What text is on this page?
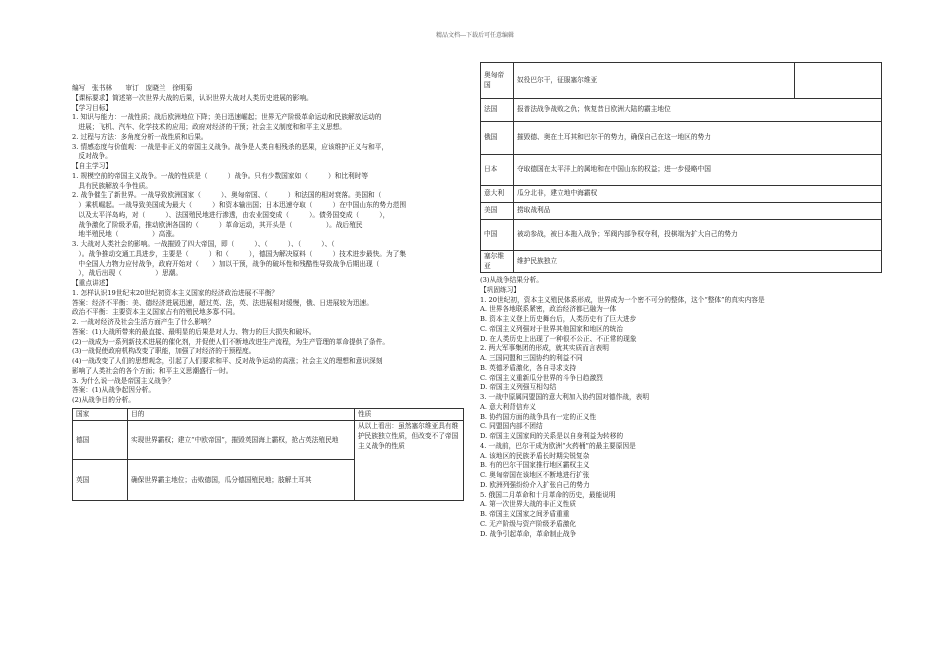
精品文档---下载后可任意编辑

编写　张书林　　审订　庞晓兰　徐明菊

【课标要求】简述第一次世界大战的后果，认识世界大战对人类历史进展的影响。

【学习目标】

1. 知识与能力：一战性质；战后欧洲地位下降；美日迅速崛起；世界无产阶级革命运动和民族解放运动的

进展；飞机、汽车、化学技术的应用；政府对经济的干预；社会主义制度和和平主义思想。

2. 过程与方法：多角度分析一战性质和后果。

3. 情感态度与价值观：一战是非正义的帝国主义战争。战争是人类自相残杀的恶果，应该维护正义与和平，

反对战争。

【自主学习】

1. 规模空前的帝国主义战争。一战的性质是（　　　）战争。只有少数国家如（　　　）和比利时等

具有民族解放斗争性质。

2. 战争催生了新世界。一战导致欧洲国家（　　　）、奥匈帝国、（　　　）和法国的相对衰落。美国和（

）乘机崛起。一战导致美国成为最大（　　　）和资本输出国；日本迅速夺取（　　　）在中国山东的势力范围

以及太平洋岛屿，对（　　　）、法国殖民地进行渗透，由农业国变成（　　　）。债务国变成（　　　），

战争激化了阶级矛盾，推动欧洲各国的（　　　）革命运动，其开头是（　　　　　）。战后殖民

地半殖民地（　　　　　）高涨。

3. 大战对人类社会的影响。一战摧毁了四大帝国，即（　　　）、（　　　）、（　　　）、（

）。战争推动交通工具进步，主要是（　　　）和（　　　），德国为解决原料（　　　）技术进步最快。为了集

中全国人力物力应付战争，政府开始对（　　）加以干预，战争的破坏性和残酷性导致战争后期出现（

），战后出现（　　　　　）思潮。

【重点讲述】

1. 怎样认识19世纪末20世纪初资本主义国家的经济政治进展不平衡？

答案：经济不平衡：美、德经济进展迅速，超过英、法，英、法进展相对缓慢，俄、日进展较为迅速。

政治不平衡：主要资本主义国家占有的殖民地多寡不同。

2. 一战对经济及社会生活方面产生了什么影响？

答案：(1)大战所带来的最直接、最明显的后果是对人力、物力的巨大损失和破坏。

(2)一战成为一系列新技术进展的催化剂，并促使人们不断地改进生产流程，为生产管理的革命提供了条件。

(3)一战促使政府机构改变了职能，加强了对经济的干预程度。

(4)一战改变了人们的思想观念，引起了人们要求和平、反对战争运动的高涨；社会主义的理想和意识深刻

影响了人类社会的各个方面；和平主义思潮盛行一时。

3. 为什么说一战是帝国主义战争？

答案：(1)从战争起因分析。

(2)从战争目的分析。

国家	目的	性质
德国	实现世界霸权；建立“中欧帝国”，摧毁英国海上霸权，抢占英法殖民地	从以上看出：虽然塞尔维亚具有维护民族独立性质，但改变不了帝国主义战争的性质
英国	确保世界霸主地位；击败德国，瓜分德国殖民地；肢解土耳其	
奥匈帝国	奴役巴尔干，征服塞尔维亚	
法国	报普法战争战败之仇；恢复昔日欧洲大陆的霸主地位	
俄国	摧毁德、奥在土耳其和巴尔干的势力，确保自己在这一地区的势力	
日本	夺取德国在太平洋上的属地和在中国山东的权益；进一步侵略中国	
意大利	瓜分北非，建立地中海霸权	
美国	捞取战利品	
中国	被动参战，被日本拖入战争；军阀内部争权夺利，投棋端为扩大自己的势力	
塞尔维亚	维护民族独立	

(3)从战争结果分析。

【巩固练习】

1. 20世纪初，资本主义殖民体系形成，世界成为一个密不可分的整体，这个“整体”的真实内容是

A. 世界各地联系紧密，政治经济都已融为一体

B. 资本主义登上历史舞台后，人类历史有了巨大进步

C. 帝国主义列强对于世界其他国家和地区的统治

D. 在人类历史上出现了一种很不公正、不正常的现象

2. 两大军事集团的形成，就其实质而言表明

A. 三国同盟和三国协约的利益不同

B. 英德矛盾激化，各自寻求支持

C. 帝国主义重新瓜分世界的斗争日趋激烈

D. 帝国主义列强互相勾结

3. 一战中原属同盟国的意大利加入协约国对德作战，表明

A. 意大利背信弃义

B. 协约国方面的战争具有一定的正义性

C. 同盟国内部不团结

D. 帝国主义国家间的关系是以自身利益为转移的

4. 一战前，巴尔干成为欧洲“火药桶”的最主要原因是

A. 该地区的民族矛盾长时期尖锐复杂

B. 有的巴尔干国家推行地区霸权主义

C. 奥匈帝国在该地区不断地进行扩张

D. 欧洲列强纷纷介入扩张自己的势力

5. 俄国二月革命和十月革命的历史，最能说明

A. 第一次世界大战的非正义性质

B. 帝国主义国家之间矛盾重重

C. 无产阶级与资产阶级矛盾激化

D. 战争引起革命，革命制止战争
